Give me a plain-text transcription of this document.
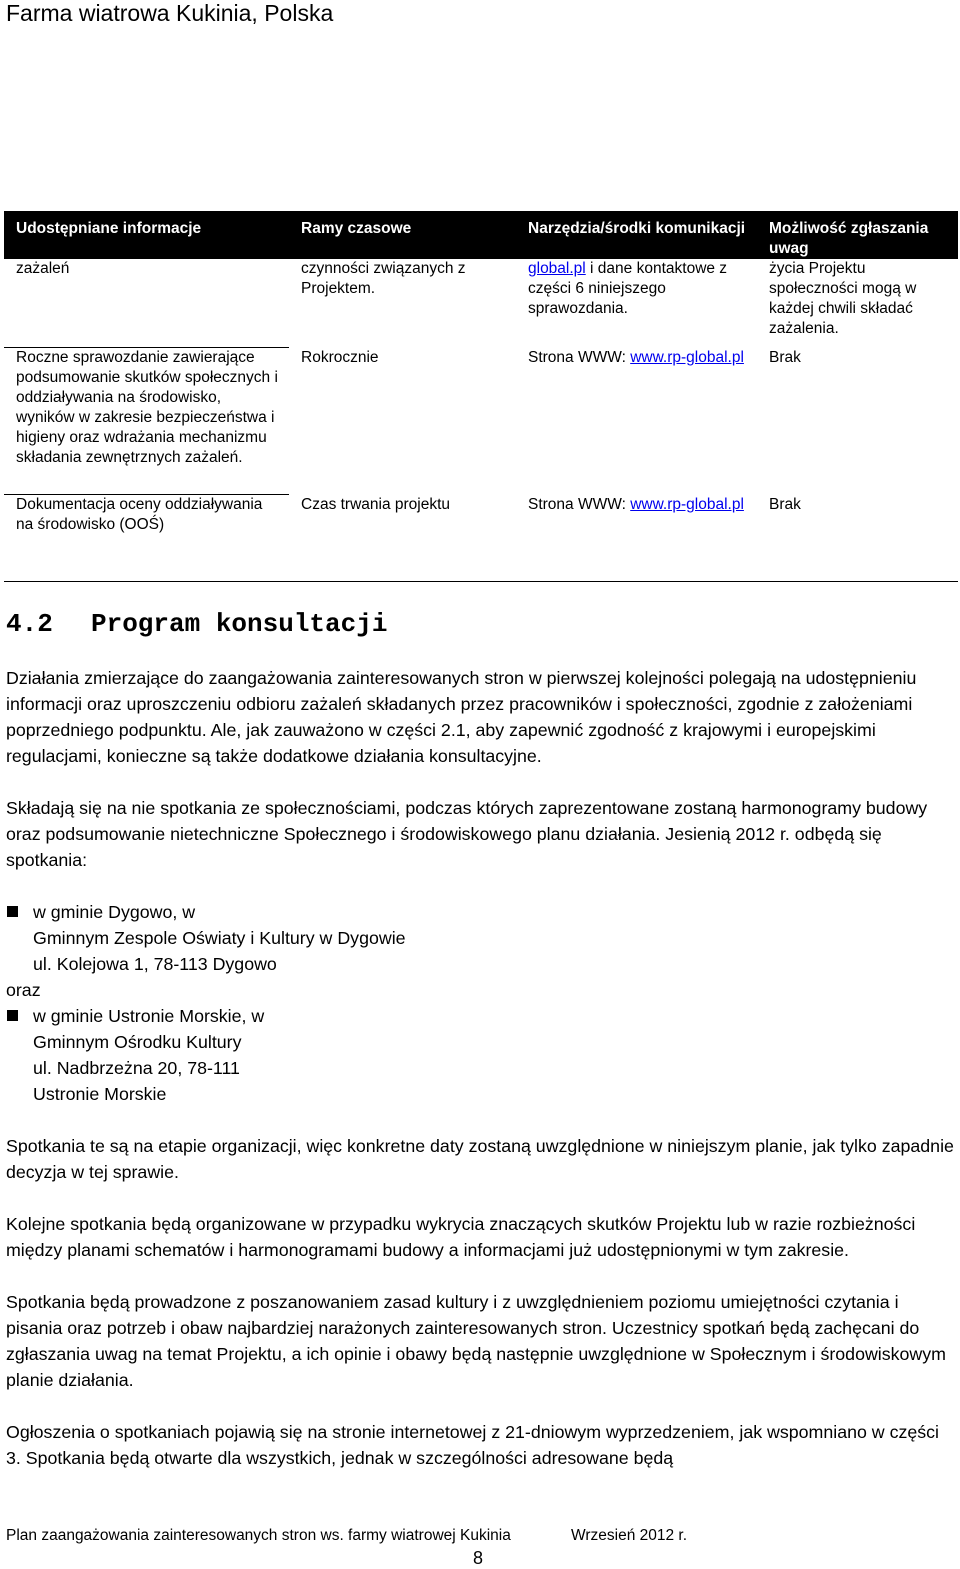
Farma wiatrowa Kukinia, Polska
Udostępniane informacje	Ramy czasowe	Narzędzia/środki komunikacji	Możliwość zgłaszania uwag
zażaleń	czynności związanych z Projektem.	global.pl i dane kontaktowe z części 6 niniejszego sprawozdania.	życia Projektu społeczności mogą w każdej chwili składać zażalenia.
Roczne sprawozdanie zawierające podsumowanie skutków społecznych i oddziaływania na środowisko, wyników w zakresie bezpieczeństwa i higieny oraz wdrażania mechanizmu składania zewnętrznych zażaleń.	Rokrocznie	Strona WWW: www.rp-global.pl	Brak
Dokumentacja oceny oddziaływania na środowisko (OOŚ)	Czas trwania projektu	Strona WWW: www.rp-global.pl	Brak
4.2 Program konsultacji

Działania zmierzające do zaangażowania zainteresowanych stron w pierwszej kolejności polegają na udostępnieniu informacji oraz uproszczeniu odbioru zażaleń składanych przez pracowników i społeczności, zgodnie z założeniami poprzedniego podpunktu. Ale, jak zauważono w części 2.1, aby zapewnić zgodność z krajowymi i europejskimi regulacjami, konieczne są także dodatkowe działania konsultacyjne.

Składają się na nie spotkania ze społecznościami, podczas których zaprezentowane zostaną harmonogramy budowy oraz podsumowanie nietechniczne Społecznego i środowiskowego planu działania. Jesienią 2012 r. odbędą się spotkania:

w gminie Dygowo, w
Gminnym Zespole Oświaty i Kultury w Dygowie
ul. Kolejowa 1, 78-113 Dygowo
oraz
w gminie Ustronie Morskie, w
Gminnym Ośrodku Kultury
ul. Nadbrzeżna 20, 78-111
Ustronie Morskie

Spotkania te są na etapie organizacji, więc konkretne daty zostaną uwzględnione w niniejszym planie, jak tylko zapadnie decyzja w tej sprawie.

Kolejne spotkania będą organizowane w przypadku wykrycia znaczących skutków Projektu lub w razie rozbieżności między planami schematów i harmonogramami budowy a informacjami już udostępnionymi w tym zakresie.

Spotkania będą prowadzone z poszanowaniem zasad kultury i z uwzględnieniem poziomu umiejętności czytania i pisania oraz potrzeb i obaw najbardziej narażonych zainteresowanych stron. Uczestnicy spotkań będą zachęcani do zgłaszania uwag na temat Projektu, a ich opinie i obawy będą następnie uwzględnione w Społecznym i środowiskowym planie działania.

Ogłoszenia o spotkaniach pojawią się na stronie internetowej z 21-dniowym wyprzedzeniem, jak wspomniano w części 3. Spotkania będą otwarte dla wszystkich, jednak w szczególności adresowane będą

Plan zaangażowania zainteresowanych stron ws. farmy wiatrowej Kukinia	Wrzesień 2012 r.
8
